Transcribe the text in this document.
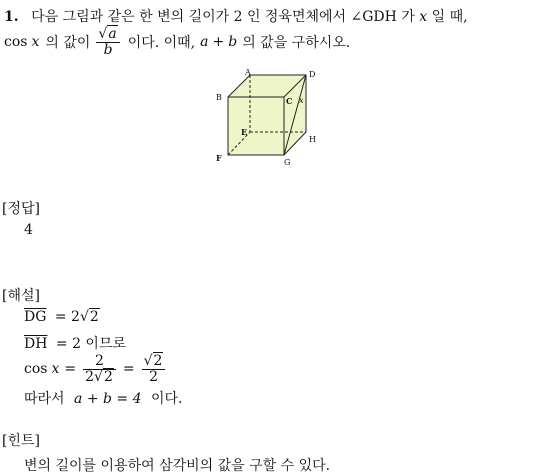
1. 다음 그림과 같은 한 변의 길이가 2 인 정육면체에서 ∠GDH 가 x 일 때,
cos x 의 값이 $\frac{√a}{b}$ 이다. 이때, a + b 의 값을 구하시오.
A	D
B	C x
E
H
F	G
[정답]
4
[해설]
$\overline{DG} = 2√2$
$\overline{DH} = 2$ 이므로
$\cos x = \frac{2}{2√2} = \frac{√2}{2}$
따라서 a + b = 4 이다.
[힌트]
변의 길이를 이용하여 삼각비의 값을 구할 수 있다.
